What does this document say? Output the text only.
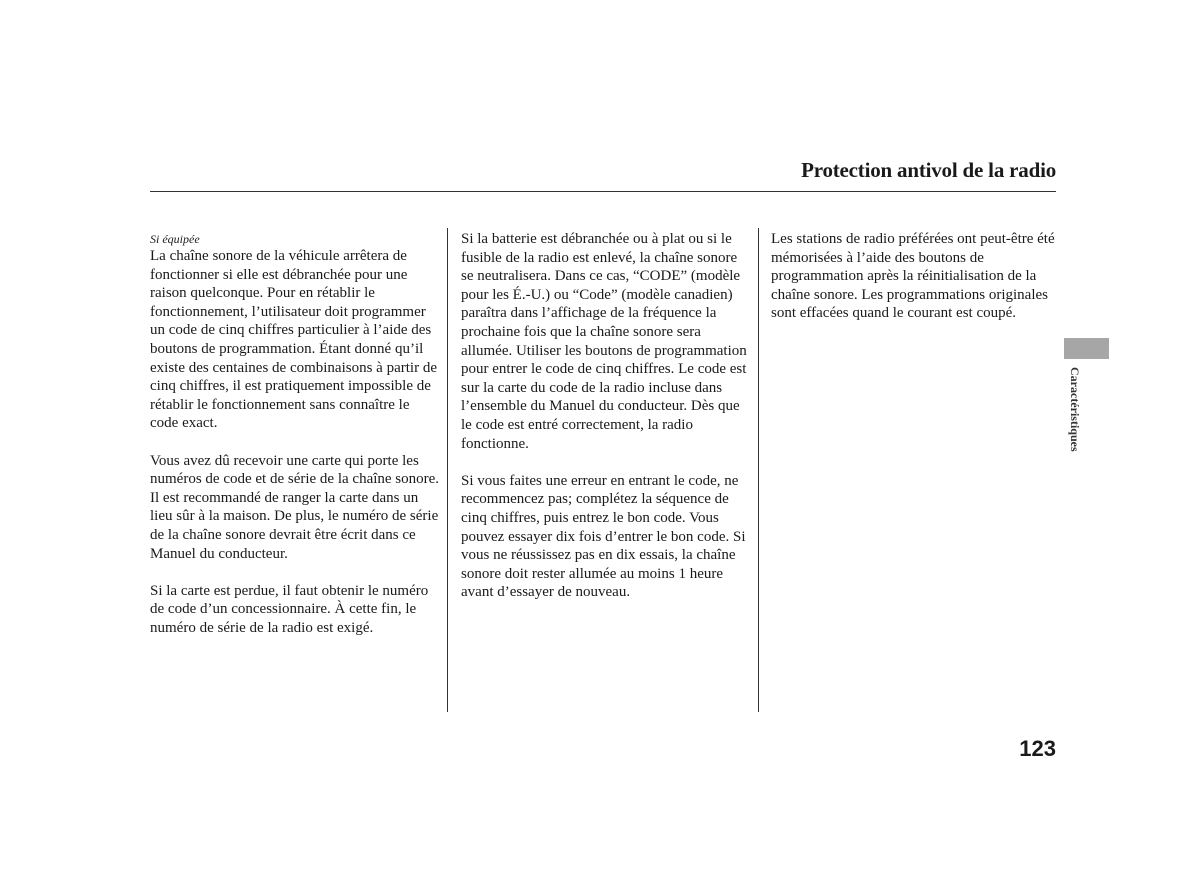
Protection antivol de la radio
Si équipée

La chaîne sonore de la véhicule arrêtera de fonctionner si elle est débranchée pour une raison quelconque. Pour en rétablir le fonctionnement, l’utilisateur doit programmer un code de cinq chiffres particulier à l’aide des boutons de programmation. Étant donné qu’il existe des centaines de combinaisons à partir de cinq chiffres, il est pratiquement impossible de rétablir le fonctionnement sans connaître le code exact.

Vous avez dû recevoir une carte qui porte les numéros de code et de série de la chaîne sonore. Il est recommandé de ranger la carte dans un lieu sûr à la maison. De plus, le numéro de série de la chaîne sonore devrait être écrit dans ce Manuel du conducteur.

Si la carte est perdue, il faut obtenir le numéro de code d’un concessionnaire. À cette fin, le numéro de série de la radio est exigé.

Si la batterie est débranchée ou à plat ou si le fusible de la radio est enlevé, la chaîne sonore se neutralisera. Dans ce cas, “CODE” (modèle pour les É.-U.) ou “Code” (modèle canadien) paraîtra dans l’affichage de la fréquence la prochaine fois que la chaîne sonore sera allumée. Utiliser les boutons de programmation pour entrer le code de cinq chiffres. Le code est sur la carte du code de la radio incluse dans l’ensemble du Manuel du conducteur. Dès que le code est entré correctement, la radio fonctionne.

Si vous faites une erreur en entrant le code, ne recommencez pas; complétez la séquence de cinq chiffres, puis entrez le bon code. Vous pouvez essayer dix fois d’entrer le bon code. Si vous ne réussissez pas en dix essais, la chaîne sonore doit rester allumée au moins 1 heure avant d’essayer de nouveau.

Les stations de radio préférées ont peut-être été mémorisées à l’aide des boutons de programmation après la réinitialisation de la chaîne sonore. Les programmations originales sont effacées quand le courant est coupé.

Caractéristiques
123
